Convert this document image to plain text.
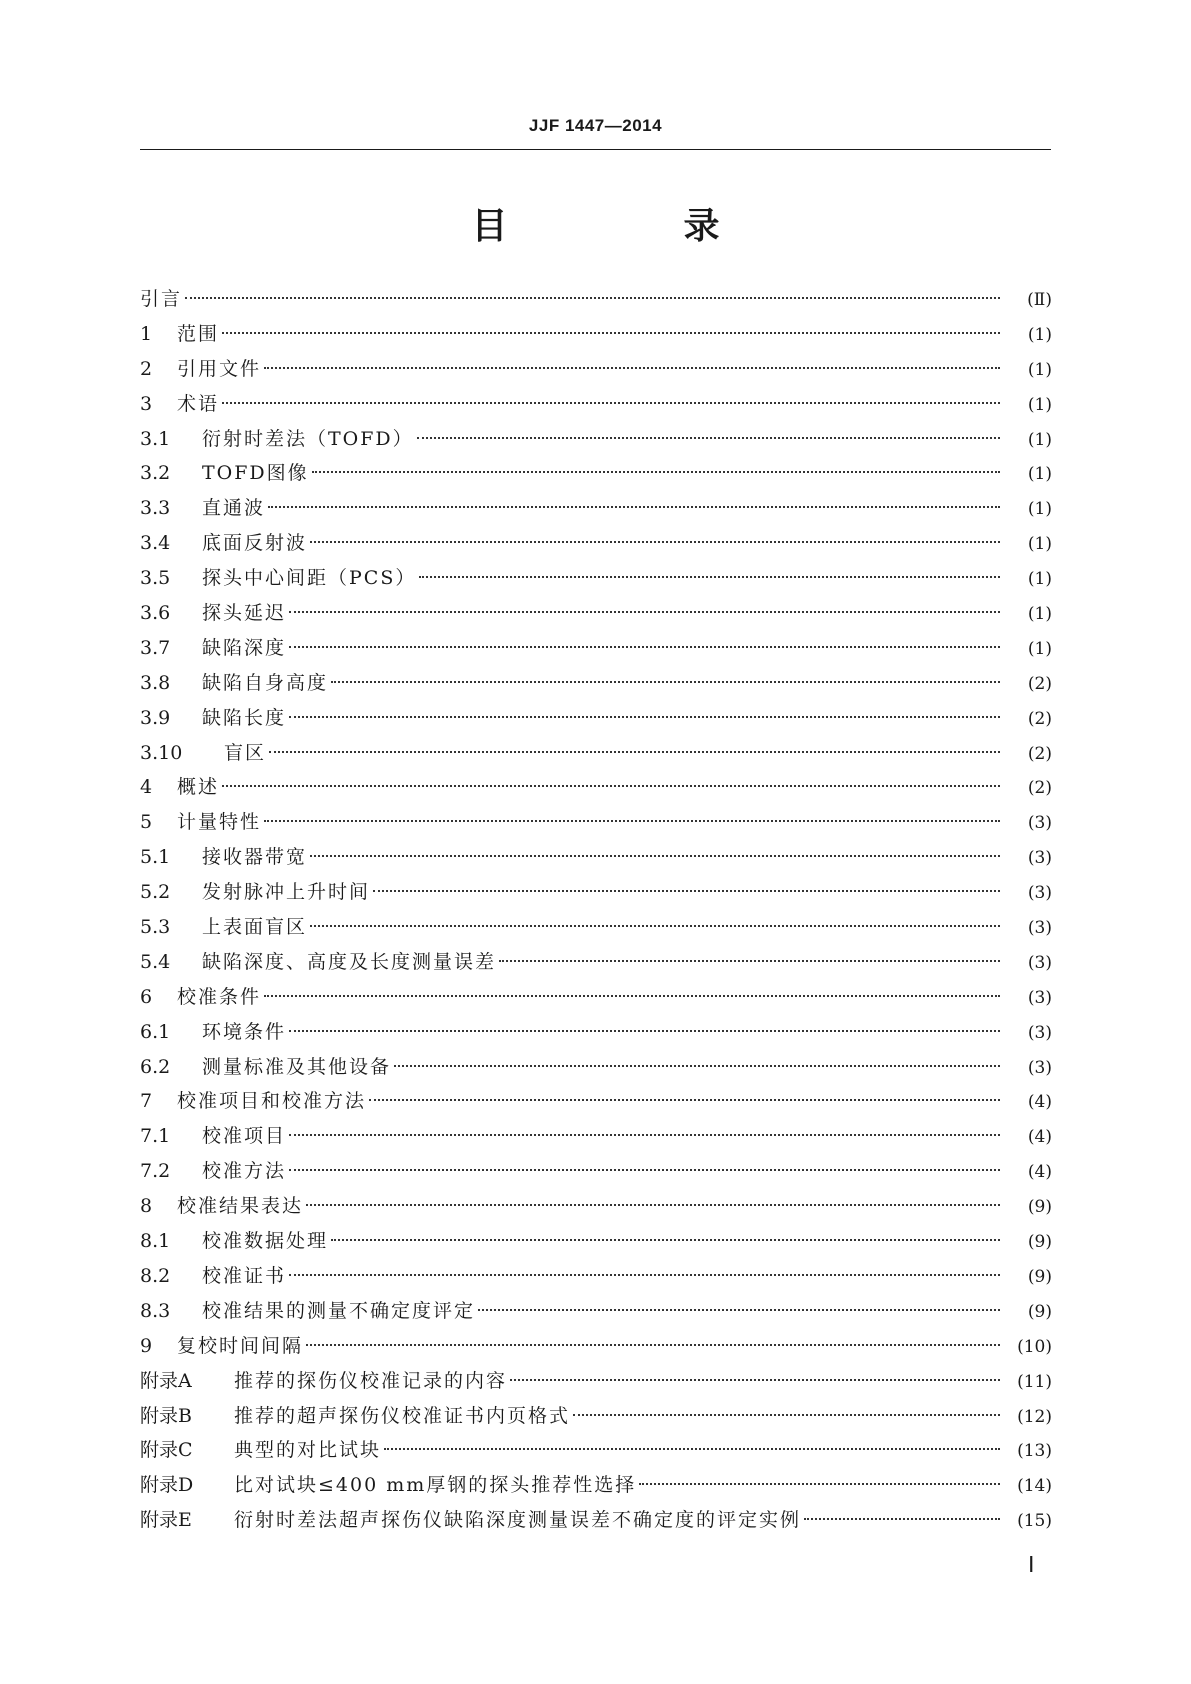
JJF 1447—2014
目　录
引言	(Ⅱ)
1	范围	(1)
2	引用文件	(1)
3	术语	(1)
3.1	衍射时差法（TOFD）	(1)
3.2	TOFD图像	(1)
3.3	直通波	(1)
3.4	底面反射波	(1)
3.5	探头中心间距（PCS）	(1)
3.6	探头延迟	(1)
3.7	缺陷深度	(1)
3.8	缺陷自身高度	(2)
3.9	缺陷长度	(2)
3.10	盲区	(2)
4	概述	(2)
5	计量特性	(3)
5.1	接收器带宽	(3)
5.2	发射脉冲上升时间	(3)
5.3	上表面盲区	(3)
5.4	缺陷深度、高度及长度测量误差	(3)
6	校准条件	(3)
6.1	环境条件	(3)
6.2	测量标准及其他设备	(3)
7	校准项目和校准方法	(4)
7.1	校准项目	(4)
7.2	校准方法	(4)
8	校准结果表达	(9)
8.1	校准数据处理	(9)
8.2	校准证书	(9)
8.3	校准结果的测量不确定度评定	(9)
9	复校时间间隔	(10)
附录A	推荐的探伤仪校准记录的内容	(11)
附录B	推荐的超声探伤仪校准证书内页格式	(12)
附录C	典型的对比试块	(13)
附录D	比对试块≤400 mm厚钢的探头推荐性选择	(14)
附录E	衍射时差法超声探伤仪缺陷深度测量误差不确定度的评定实例	(15)
Ⅰ
